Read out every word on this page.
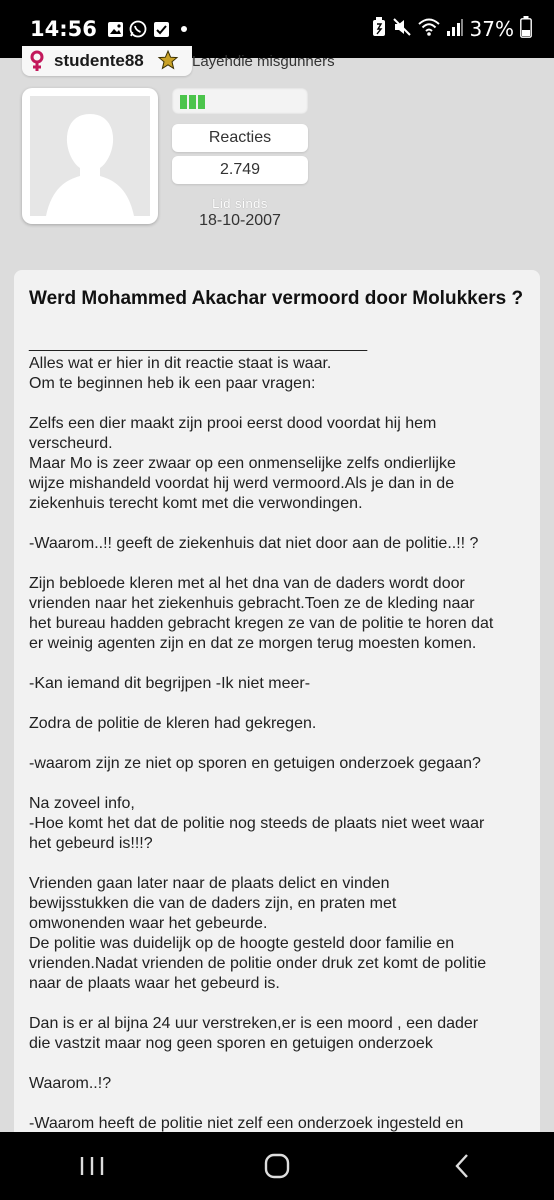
14:56	37%
studente88	Layehdie misgunners
Reacties
2.749
Lid sinds
18-10-2007
Werd Mohammed Akachar vermoord door Molukkers ?

______________________________________

Alles wat er hier in dit reactie staat is waar.

Om te beginnen heb ik een paar vragen:

Zelfs een dier maakt zijn prooi eerst dood voordat hij hem

verscheurd.

Maar Mo is zeer zwaar op een onmenselijke zelfs ondierlijke

wijze mishandeld voordat hij werd vermoord.Als je dan in de

ziekenhuis terecht komt met die verwondingen.

-Waarom..!! geeft de ziekenhuis dat niet door aan de politie..!! ?

Zijn bebloede kleren met al het dna van de daders wordt door

vrienden naar het ziekenhuis gebracht.Toen ze de kleding naar

het bureau hadden gebracht kregen ze van de politie te horen dat

er weinig agenten zijn en dat ze morgen terug moesten komen.

-Kan iemand dit begrijpen -Ik niet meer-

Zodra de politie de kleren had gekregen.

-waarom zijn ze niet op sporen en getuigen onderzoek gegaan?

Na zoveel info,

-Hoe komt het dat de politie nog steeds de plaats niet weet waar

het gebeurd is!!!?

Vrienden gaan later naar de plaats delict en vinden

bewijsstukken die van de daders zijn, en praten met

omwonenden waar het gebeurde.

De politie was duidelijk op de hoogte gesteld door familie en

vrienden.Nadat vrienden de politie onder druk zet komt de politie

naar de plaats waar het gebeurd is.

Dan is er al bijna 24 uur verstreken,er is een moord , een dader

die vastzit maar nog geen sporen en getuigen onderzoek

Waarom..!?

-Waarom heeft de politie niet zelf een onderzoek ingesteld en
